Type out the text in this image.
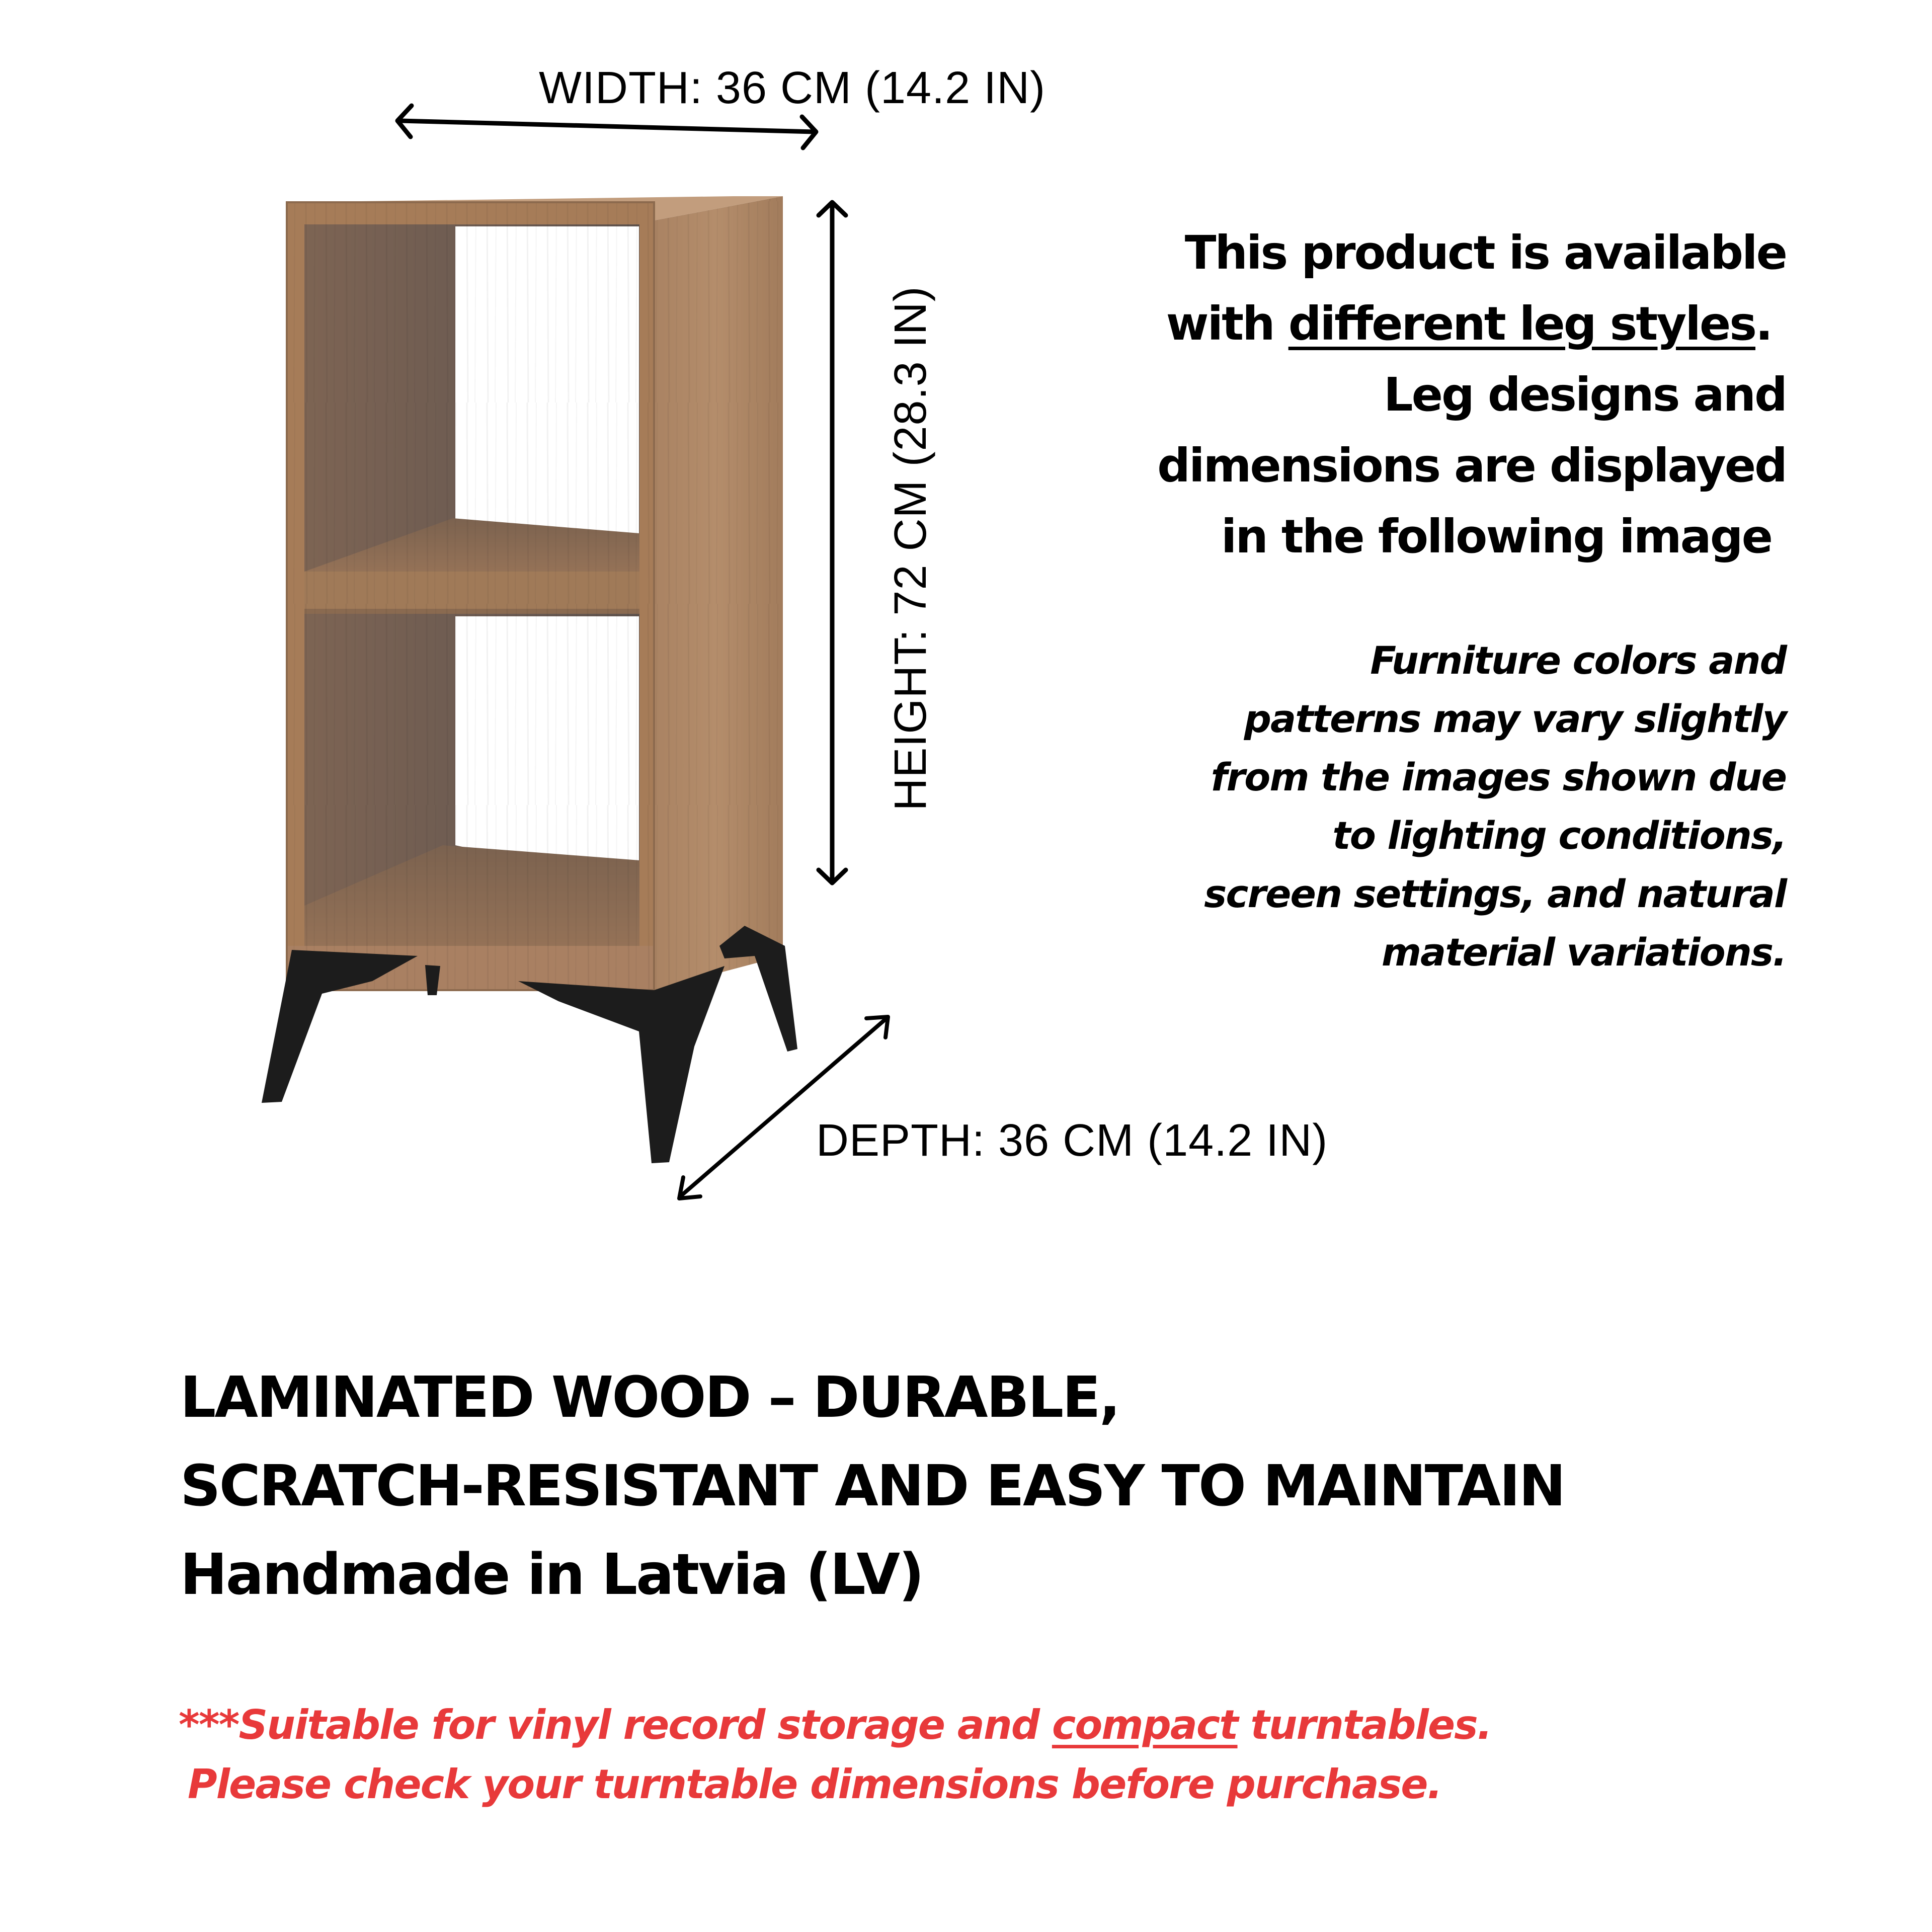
WIDTH: 36 CM (14.2 IN)
HEIGHT: 72 CM (28.3 IN)
DEPTH: 36 CM (14.2 IN)
This product is available
with different leg styles.
Leg designs and
dimensions are displayed
in the following image
Furniture colors and
patterns may vary slightly
from the images shown due
to lighting conditions,
screen settings, and natural
material variations.
LAMINATED WOOD – DURABLE,
SCRATCH-RESISTANT AND EASY TO MAINTAIN
Handmade in Latvia (LV)
***Suitable for vinyl record storage and compact turntables.
Please check your turntable dimensions before purchase.
